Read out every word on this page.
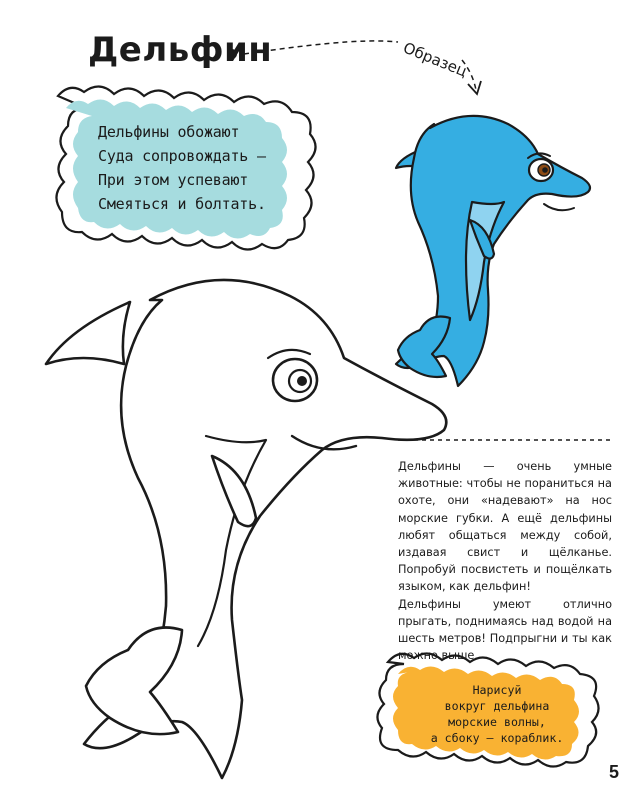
Дельфин	Образец
Дельфины обожают
Суда сопровождать –
При этом успевают
Смеяться и болтать.

Дельфины — очень умные животные: чтобы не пораниться на охоте, они «надевают» на нос морские губки. А ещё дельфины любят общаться между собой, издавая свист и щёлканье. Попробуй посвистеть и пощёлкать языком, как дельфин!

Дельфины умеют отлично прыгать, поднимаясь над водой на шесть метров! Подпрыгни и ты как можно выше.

Нарисуй
вокруг дельфина
морские волны,
а сбоку – кораблик.
5
